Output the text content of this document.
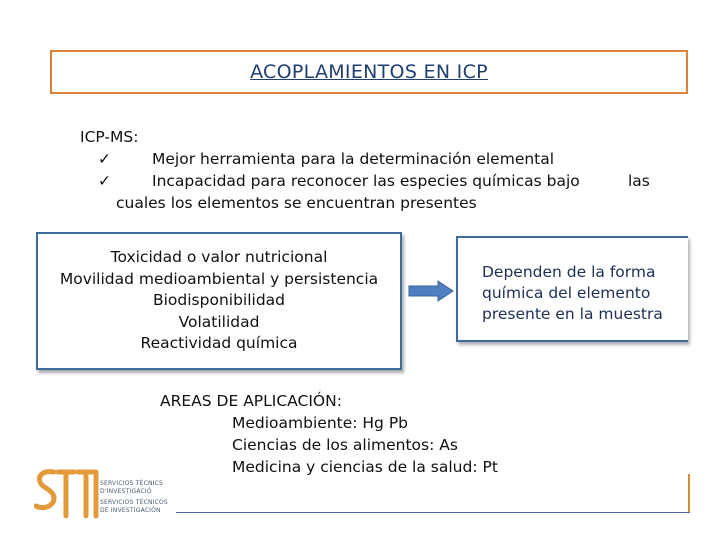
ACOPLAMIENTOS EN ICP
ICP-MS:
✓	Mejor herramienta para la determinación elemental
✓	Incapacidad para reconocer las especies químicas bajo	las
cuales los elementos se encuentran presentes
Toxicidad o valor nutricional
Movilidad medioambiental y persistencia
Biodisponibilidad
Volatilidad
Reactividad química
Dependen de la forma
química del elemento
presente en la muestra
AREAS DE APLICACIÓN:
Medioambiente: Hg Pb
Ciencias de los alimentos: As
Medicina y ciencias de la salud: Pt
SERVICIOS TÈCNICS
D'INVESTIGACIÓ
SERVICIOS TÉCNICOS
DE INVESTIGACIÓN
